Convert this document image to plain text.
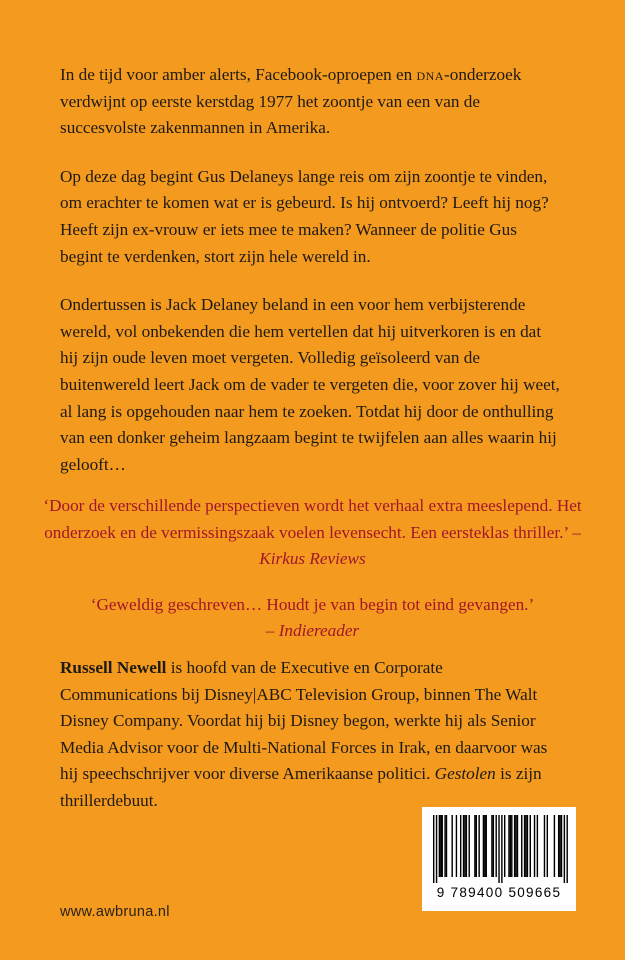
In de tijd voor amber alerts, Facebook-oproepen en dna-onderzoek verdwijnt op eerste kerstdag 1977 het zoontje van een van de succesvolste zakenmannen in Amerika.

Op deze dag begint Gus Delaneys lange reis om zijn zoontje te vinden, om erachter te komen wat er is gebeurd. Is hij ontvoerd? Leeft hij nog? Heeft zijn ex-vrouw er iets mee te maken? Wanneer de politie Gus begint te verdenken, stort zijn hele wereld in.

Ondertussen is Jack Delaney beland in een voor hem verbijsterende wereld, vol onbekenden die hem vertellen dat hij uitverkoren is en dat hij zijn oude leven moet vergeten. Volledig geïsoleerd van de buitenwereld leert Jack om de vader te vergeten die, voor zover hij weet, al lang is opgehouden naar hem te zoeken. Totdat hij door de onthulling van een donker geheim langzaam begint te twijfelen aan alles waarin hij gelooft…

‘Door de verschillende perspectieven wordt het verhaal extra meeslepend. Het onderzoek en de vermissingszaak voelen levensecht. Een eersteklas thriller.’ – Kirkus Reviews

‘Geweldig geschreven… Houdt je van begin tot eind gevangen.’
– Indiereader

Russell Newell is hoofd van de Executive en Corporate Communications bij Disney|ABC Television Group, binnen The Walt Disney Company. Voordat hij bij Disney begon, werkte hij als Senior Media Advisor voor de Multi-National Forces in Irak, en daarvoor was hij speechschrijver voor diverse Amerikaanse politici. Gestolen is zijn thrillerdebuut.

www.awbruna.nl
9 789400 509665
